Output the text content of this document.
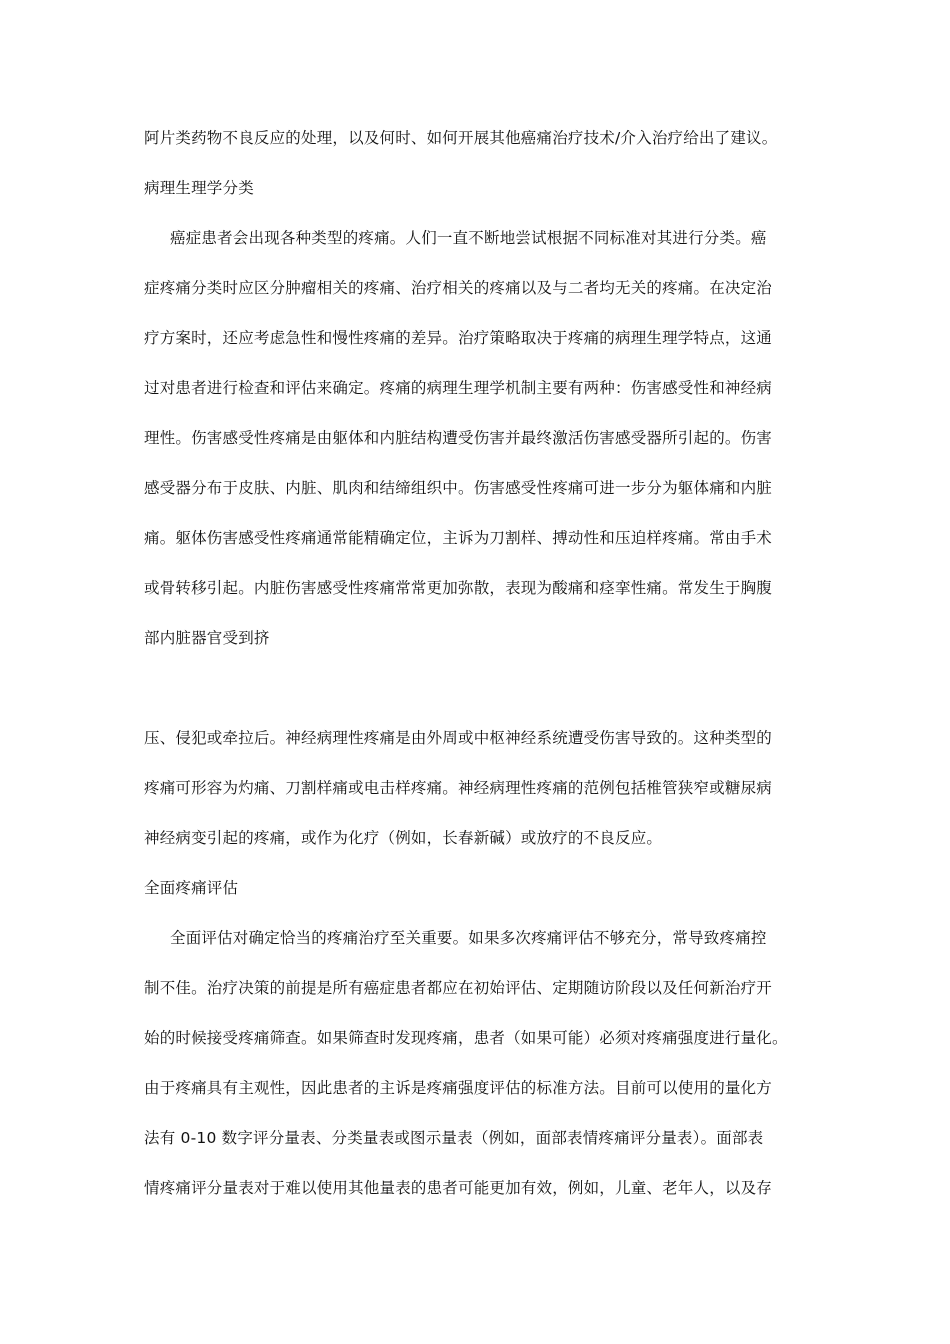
阿片类药物不良反应的处理，以及何时、如何开展其他癌痛治疗技术/介入治疗给出了建议。
病理生理学分类
癌症患者会出现各种类型的疼痛。人们一直不断地尝试根据不同标准对其进行分类。癌
症疼痛分类时应区分肿瘤相关的疼痛、治疗相关的疼痛以及与二者均无关的疼痛。在决定治
疗方案时，还应考虑急性和慢性疼痛的差异。治疗策略取决于疼痛的病理生理学特点，这通
过对患者进行检查和评估来确定。疼痛的病理生理学机制主要有两种：伤害感受性和神经病
理性。伤害感受性疼痛是由躯体和内脏结构遭受伤害并最终激活伤害感受器所引起的。伤害
感受器分布于皮肤、内脏、肌肉和结缔组织中。伤害感受性疼痛可进一步分为躯体痛和内脏
痛。躯体伤害感受性疼痛通常能精确定位，主诉为刀割样、搏动性和压迫样疼痛。常由手术
或骨转移引起。内脏伤害感受性疼痛常常更加弥散，表现为酸痛和痉挛性痛。常发生于胸腹
部内脏器官受到挤
压、侵犯或牵拉后。神经病理性疼痛是由外周或中枢神经系统遭受伤害导致的。这种类型的
疼痛可形容为灼痛、刀割样痛或电击样疼痛。神经病理性疼痛的范例包括椎管狭窄或糖尿病
神经病变引起的疼痛，或作为化疗（例如，长春新碱）或放疗的不良反应。
全面疼痛评估
全面评估对确定恰当的疼痛治疗至关重要。如果多次疼痛评估不够充分，常导致疼痛控
制不佳。治疗决策的前提是所有癌症患者都应在初始评估、定期随访阶段以及任何新治疗开
始的时候接受疼痛筛查。如果筛查时发现疼痛，患者（如果可能）必须对疼痛强度进行量化。
由于疼痛具有主观性，因此患者的主诉是疼痛强度评估的标准方法。目前可以使用的量化方
法有 0-10 数字评分量表、分类量表或图示量表（例如，面部表情疼痛评分量表）。面部表
情疼痛评分量表对于难以使用其他量表的患者可能更加有效，例如，儿童、老年人，以及存
